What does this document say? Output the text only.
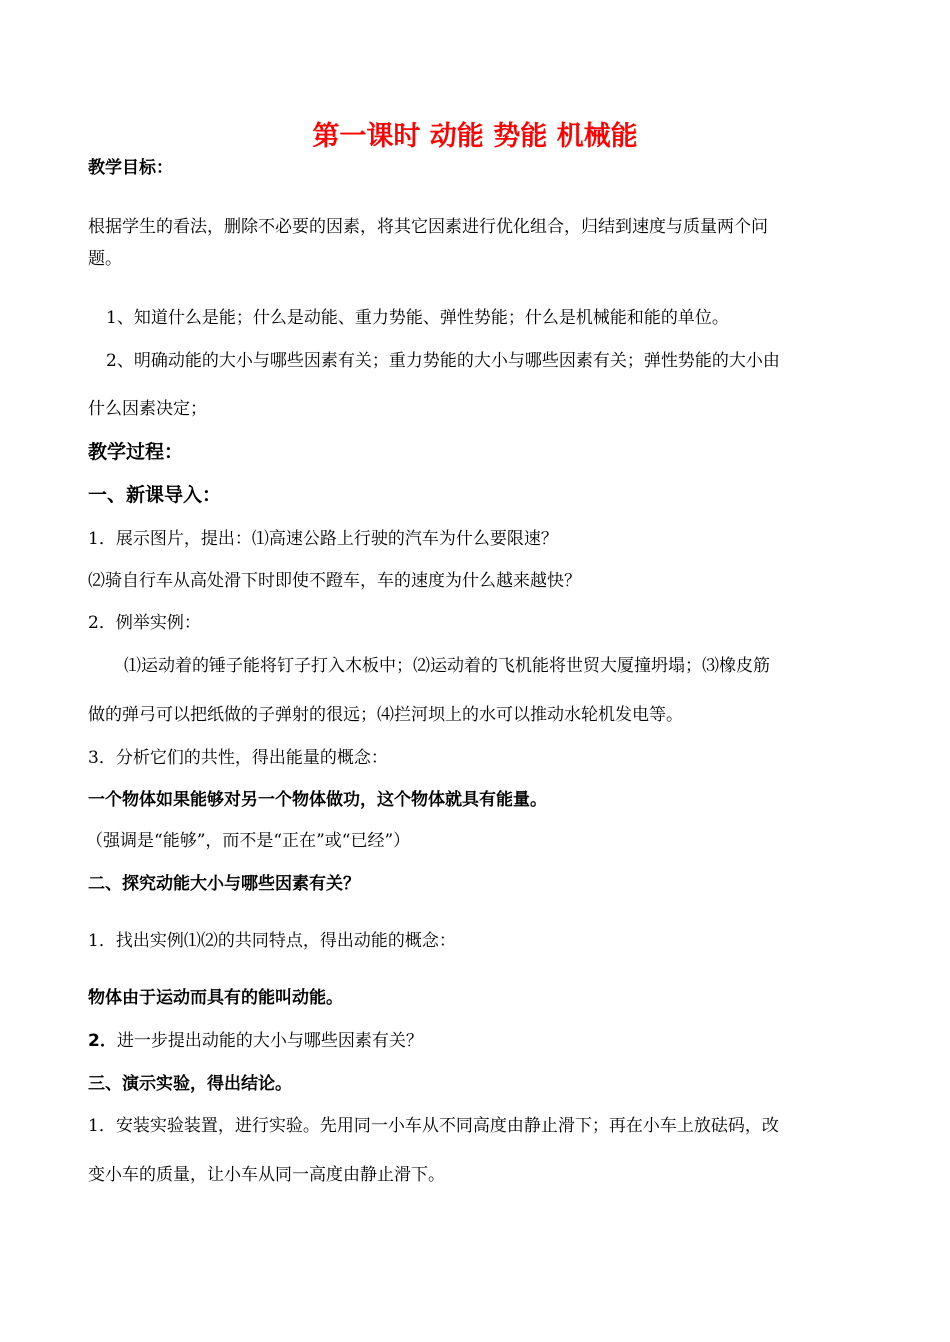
第一课时 动能 势能 机械能
教学目标：
根据学生的看法，删除不必要的因素，将其它因素进行优化组合，归结到速度与质量两个问
题。
1、知道什么是能；什么是动能、重力势能、弹性势能；什么是机械能和能的单位。
2、明确动能的大小与哪些因素有关；重力势能的大小与哪些因素有关；弹性势能的大小由
什么因素决定；
教学过程：
一、新课导入：
1．展示图片，提出：⑴高速公路上行驶的汽车为什么要限速？
⑵骑自行车从高处滑下时即使不蹬车，车的速度为什么越来越快？
2．例举实例：
⑴运动着的锤子能将钉子打入木板中；⑵运动着的飞机能将世贸大厦撞坍塌；⑶橡皮筋
做的弹弓可以把纸做的子弹射的很远；⑷拦河坝上的水可以推动水轮机发电等。
3．分析它们的共性，得出能量的概念：
一个物体如果能够对另一个物体做功，这个物体就具有能量。
（强调是“能够”，而不是“正在”或“已经”）
二、探究动能大小与哪些因素有关？
1．找出实例⑴⑵的共同特点，得出动能的概念：
物体由于运动而具有的能叫动能。
2．进一步提出动能的大小与哪些因素有关？
三、演示实验，得出结论。
1．安装实验装置，进行实验。先用同一小车从不同高度由静止滑下；再在小车上放砝码，改
变小车的质量，让小车从同一高度由静止滑下。
